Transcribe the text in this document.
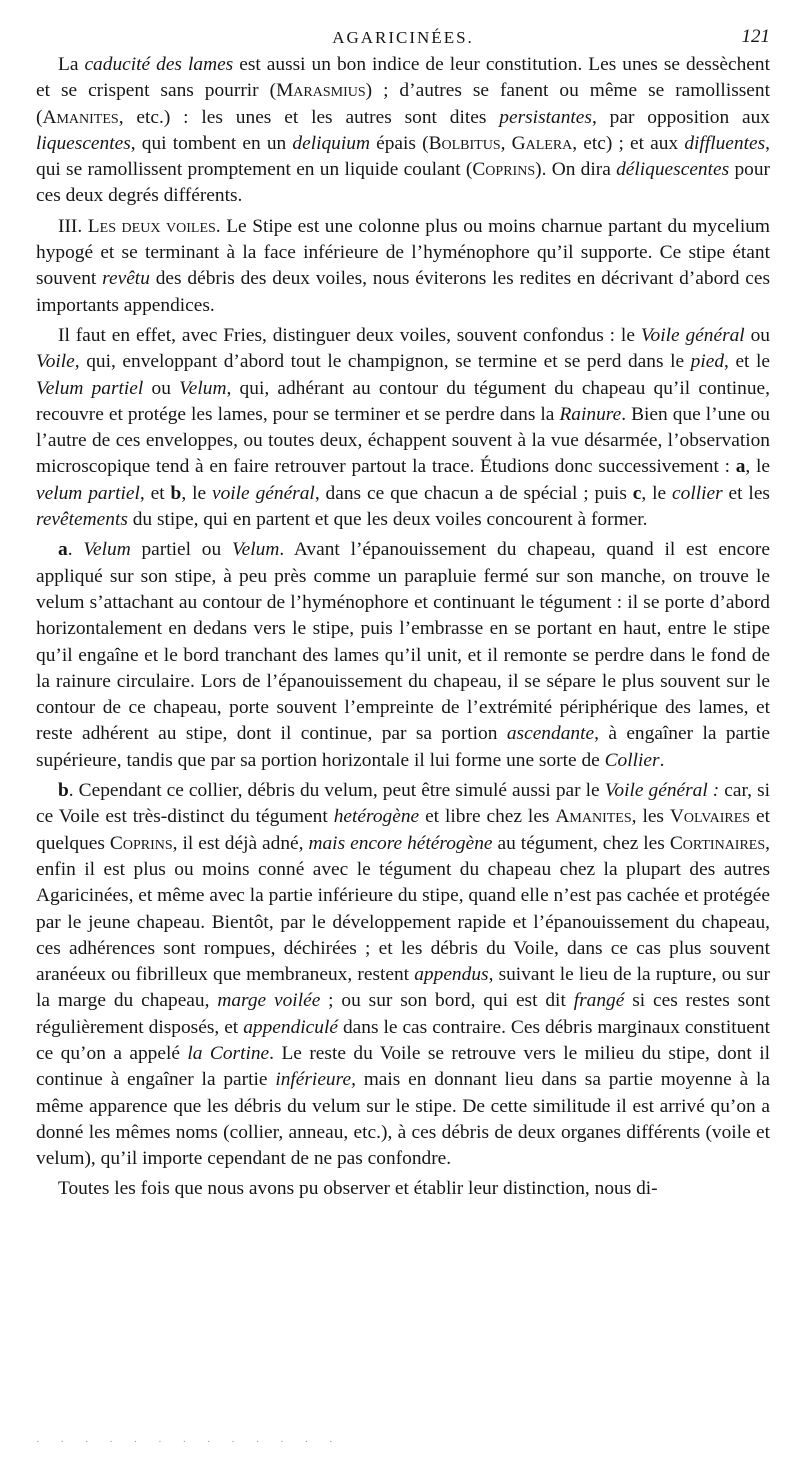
AGARICINÉES.	121

La caducité des lames est aussi un bon indice de leur constitution. Les unes se dessèchent et se crispent sans pourrir (Marasmius) ; d’autres se fanent ou même se ramollissent (Amanites, etc.) : les unes et les autres sont dites persistantes, par opposition aux liquescentes, qui tombent en un deliquium épais (Bolbitus, Galera, etc) ; et aux diffluentes, qui se ramollissent promptement en un liquide coulant (Coprins). On dira déliquescentes pour ces deux degrés différents.

III. Les deux voiles. Le Stipe est une colonne plus ou moins charnue partant du mycelium hypogé et se terminant à la face inférieure de l’hyménophore qu’il supporte. Ce stipe étant souvent revêtu des débris des deux voiles, nous éviterons les redites en décrivant d’abord ces importants appendices.

Il faut en effet, avec Fries, distinguer deux voiles, souvent confondus : le Voile général ou Voile, qui, enveloppant d’abord tout le champignon, se termine et se perd dans le pied, et le Velum partiel ou Velum, qui, adhérant au contour du tégument du chapeau qu’il continue, recouvre et protége les lames, pour se terminer et se perdre dans la Rainure. Bien que l’une ou l’autre de ces enveloppes, ou toutes deux, échappent souvent à la vue désarmée, l’observation microscopique tend à en faire retrouver partout la trace. Étudions donc successivement : a, le velum partiel, et b, le voile général, dans ce que chacun a de spécial ; puis c, le collier et les revêtements du stipe, qui en partent et que les deux voiles concourent à former.

a. Velum partiel ou Velum. Avant l’épanouissement du chapeau, quand il est encore appliqué sur son stipe, à peu près comme un parapluie fermé sur son manche, on trouve le velum s’attachant au contour de l’hyménophore et continuant le tégument : il se porte d’abord horizontalement en dedans vers le stipe, puis l’embrasse en se portant en haut, entre le stipe qu’il engaîne et le bord tranchant des lames qu’il unit, et il remonte se perdre dans le fond de la rainure circulaire. Lors de l’épanouissement du chapeau, il se sépare le plus souvent sur le contour de ce chapeau, porte souvent l’empreinte de l’extrémité périphérique des lames, et reste adhérent au stipe, dont il continue, par sa portion ascendante, à engaîner la partie supérieure, tandis que par sa portion horizontale il lui forme une sorte de Collier.

b. Cependant ce collier, débris du velum, peut être simulé aussi par le Voile général : car, si ce Voile est très-distinct du tégument hetérogène et libre chez les Amanites, les Volvaires et quelques Coprins, il est déjà adné, mais encore hétérogène au tégument, chez les Cortinaires, enfin il est plus ou moins conné avec le tégument du chapeau chez la plupart des autres Agaricinées, et même avec la partie inférieure du stipe, quand elle n’est pas cachée et protégée par le jeune chapeau. Bientôt, par le développement rapide et l’épanouissement du chapeau, ces adhérences sont rompues, déchirées ; et les débris du Voile, dans ce cas plus souvent aranéeux ou fibrilleux que membraneux, restent appendus, suivant le lieu de la rupture, ou sur la marge du chapeau, marge voilée ; ou sur son bord, qui est dit frangé si ces restes sont régulièrement disposés, et appendiculé dans le cas contraire. Ces débris marginaux constituent ce qu’on a appelé la Cortine. Le reste du Voile se retrouve vers le milieu du stipe, dont il continue à engaîner la partie inférieure, mais en donnant lieu dans sa partie moyenne à la même apparence que les débris du velum sur le stipe. De cette similitude il est arrivé qu’on a donné les mêmes noms (collier, anneau, etc.), à ces débris de deux organes différents (voile et velum), qu’il importe cependant de ne pas confondre.

Toutes les fois que nous avons pu observer et établir leur distinction, nous di-

· · · · · · · · · · · · ·
